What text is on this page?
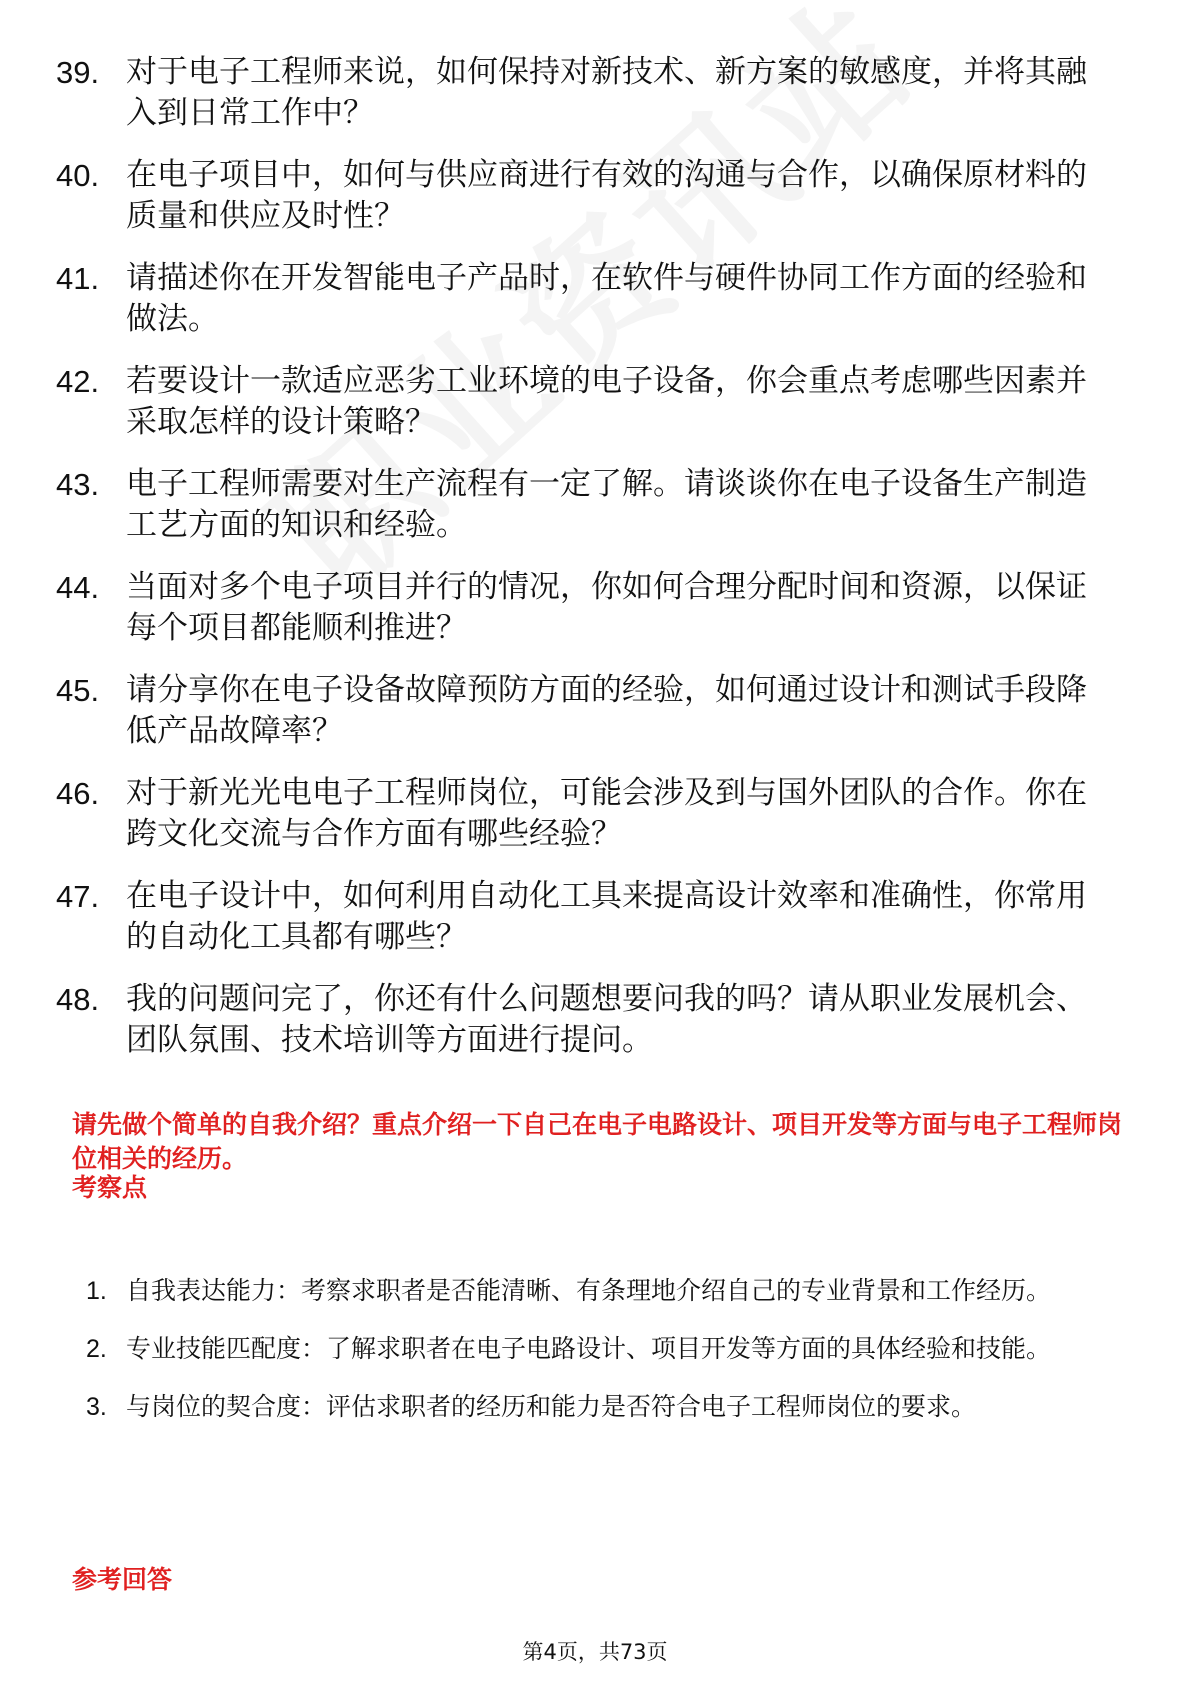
39. 对于电子工程师来说，如何保持对新技术、新方案的敏感度，并将其融入到日常工作中？
40. 在电子项目中，如何与供应商进行有效的沟通与合作，以确保原材料的质量和供应及时性？
41. 请描述你在开发智能电子产品时，在软件与硬件协同工作方面的经验和做法。
42. 若要设计一款适应恶劣工业环境的电子设备，你会重点考虑哪些因素并采取怎样的设计策略？
43. 电子工程师需要对生产流程有一定了解。请谈谈你在电子设备生产制造工艺方面的知识和经验。
44. 当面对多个电子项目并行的情况，你如何合理分配时间和资源，以保证每个项目都能顺利推进？
45. 请分享你在电子设备故障预防方面的经验，如何通过设计和测试手段降低产品故障率？
46. 对于新光光电电子工程师岗位，可能会涉及到与国外团队的合作。你在跨文化交流与合作方面有哪些经验？
47. 在电子设计中，如何利用自动化工具来提高设计效率和准确性，你常用的自动化工具都有哪些？
48. 我的问题问完了，你还有什么问题想要问我的吗？请从职业发展机会、团队氛围、技术培训等方面进行提问。
请先做个简单的自我介绍？重点介绍一下自己在电子电路设计、项目开发等方面与电子工程师岗位相关的经历。
考察点
1. 自我表达能力：考察求职者是否能清晰、有条理地介绍自己的专业背景和工作经历。
2. 专业技能匹配度：了解求职者在电子电路设计、项目开发等方面的具体经验和技能。
3. 与岗位的契合度：评估求职者的经历和能力是否符合电子工程师岗位的要求。
参考回答
第4页，共73页
